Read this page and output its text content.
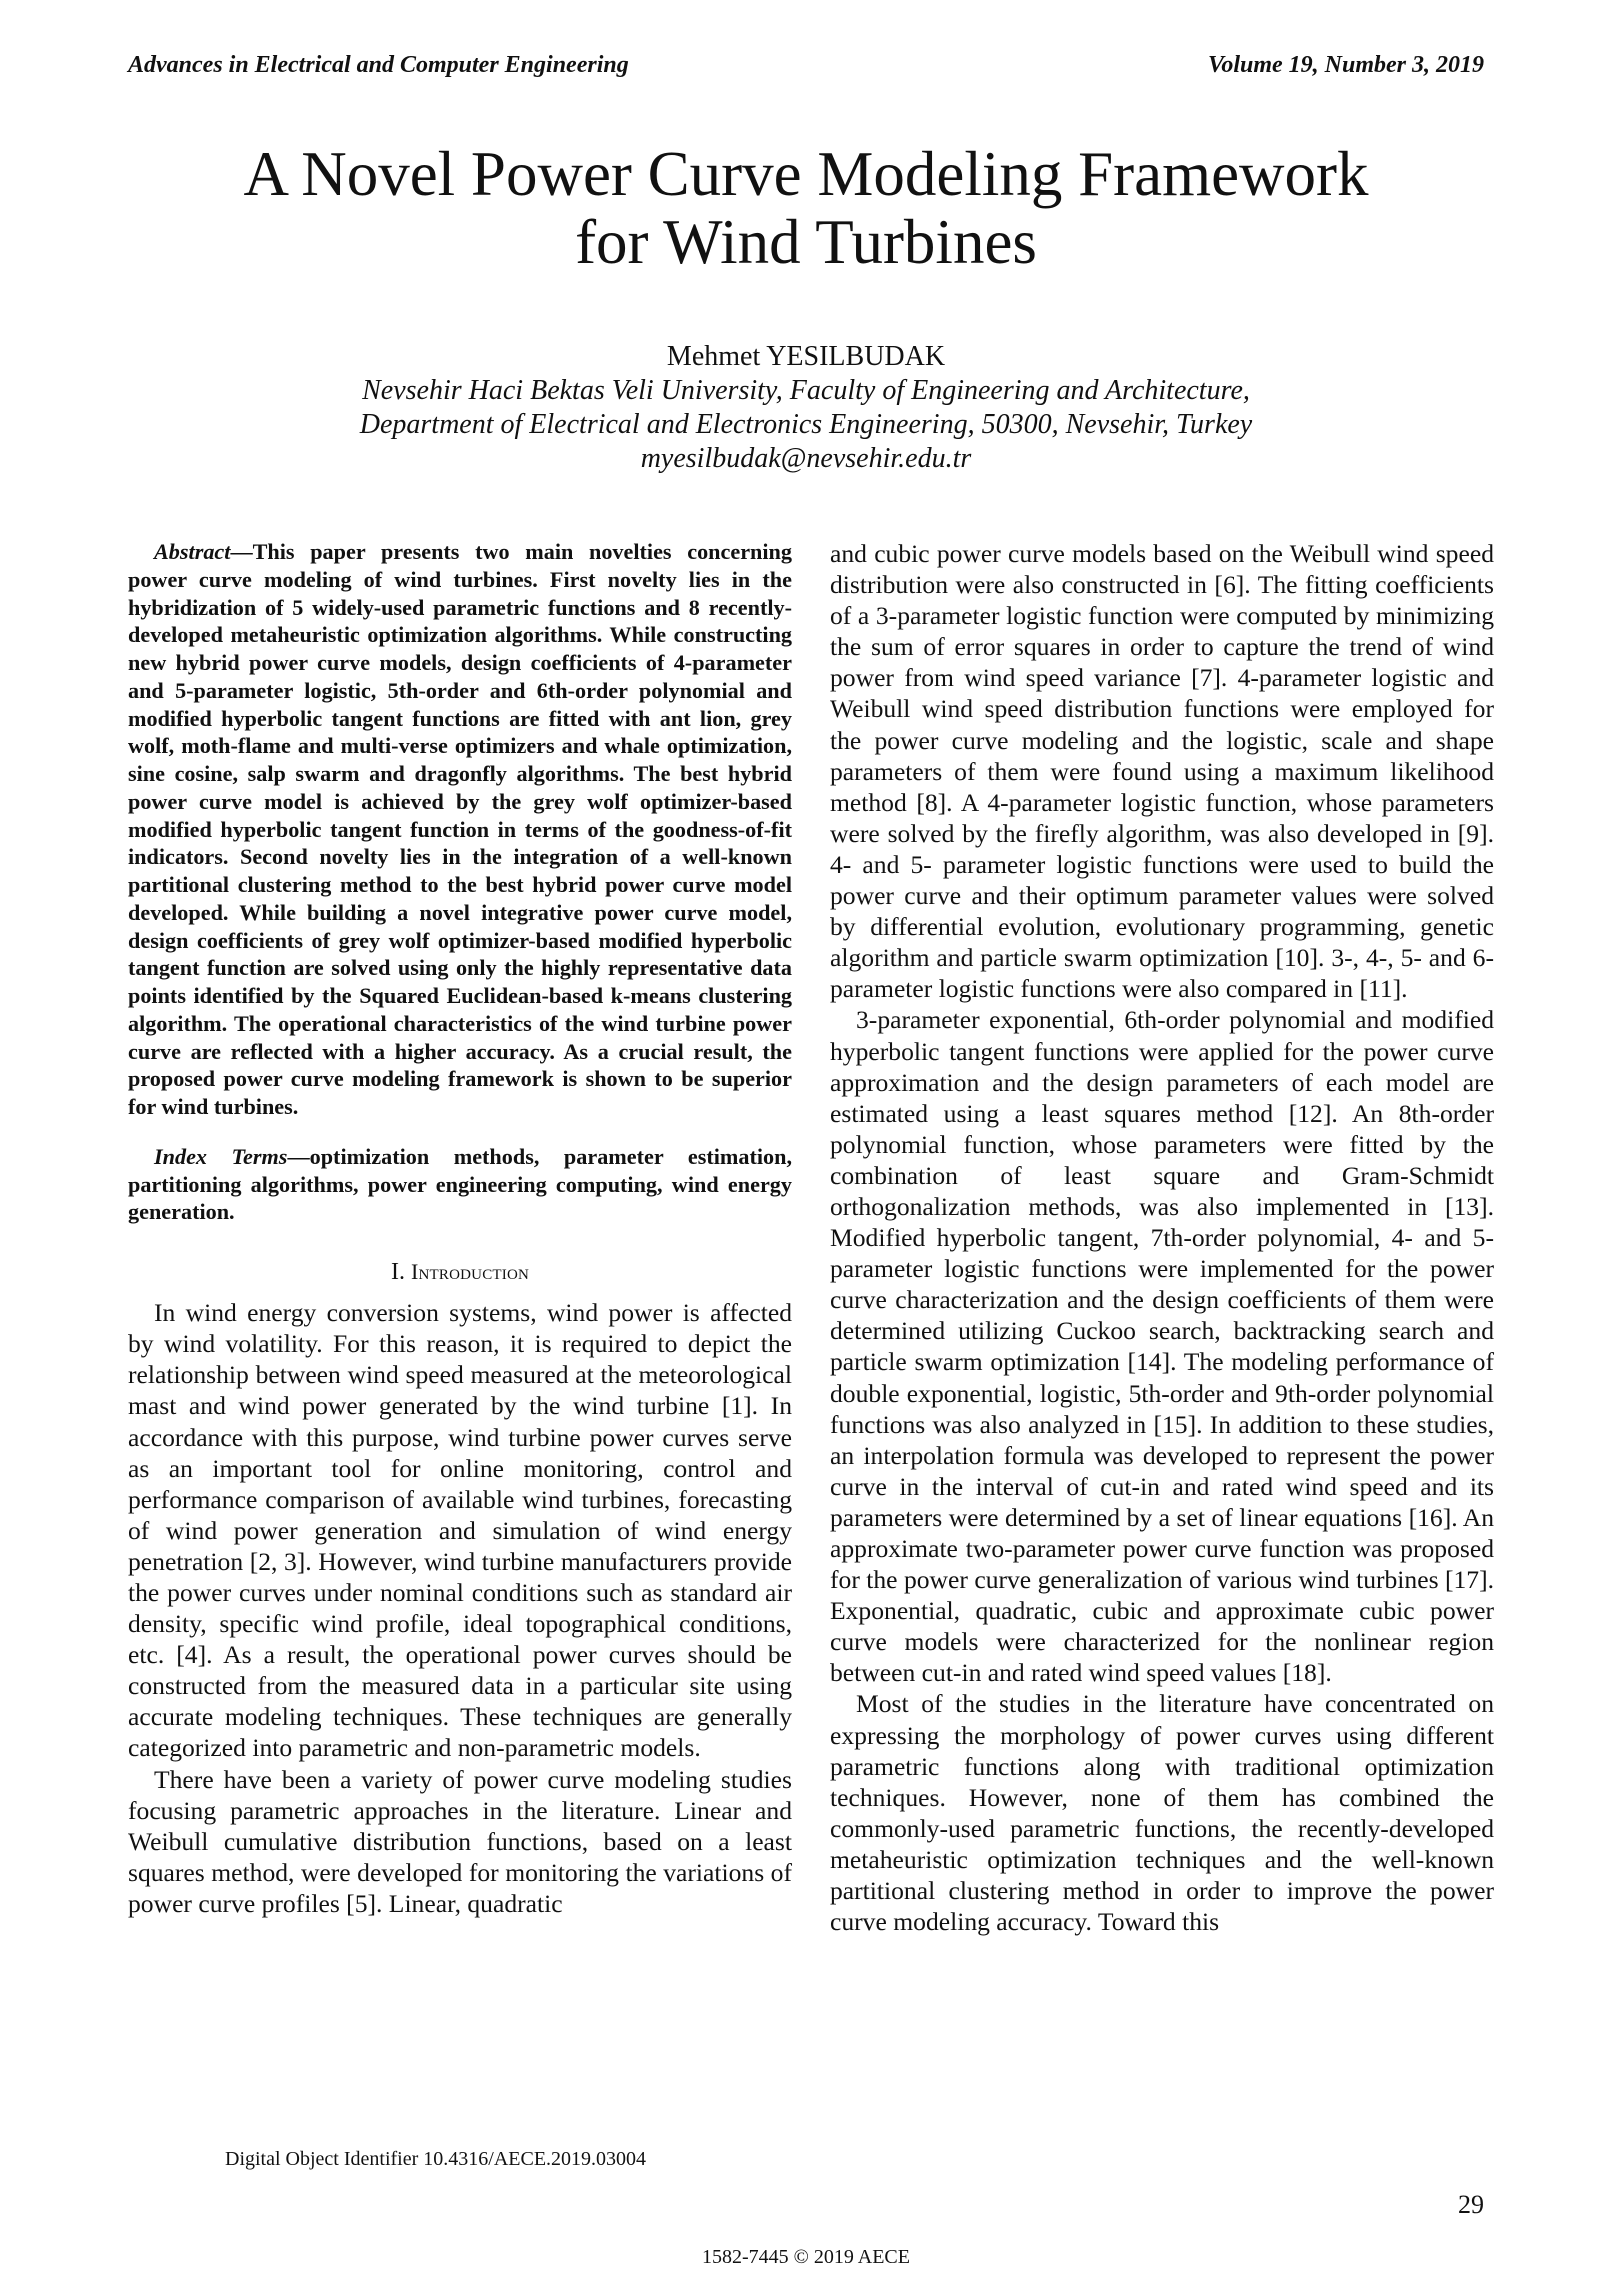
Advances in Electrical and Computer Engineering	Volume 19, Number 3, 2019
A Novel Power Curve Modeling Framework
for Wind Turbines
Mehmet YESILBUDAK
Nevsehir Haci Bektas Veli University, Faculty of Engineering and Architecture,
Department of Electrical and Electronics Engineering, 50300, Nevsehir, Turkey
myesilbudak@nevsehir.edu.tr

Abstract—This paper presents two main novelties concerning power curve modeling of wind turbines. First novelty lies in the hybridization of 5 widely-used parametric functions and 8 recently-developed metaheuristic optimization algorithms. While constructing new hybrid power curve models, design coefficients of 4-parameter and 5-parameter logistic, 5th-order and 6th-order polynomial and modified hyperbolic tangent functions are fitted with ant lion, grey wolf, moth-flame and multi-verse optimizers and whale optimization, sine cosine, salp swarm and dragonfly algorithms. The best hybrid power curve model is achieved by the grey wolf optimizer-based modified hyperbolic tangent function in terms of the goodness-of-fit indicators. Second novelty lies in the integration of a well-known partitional clustering method to the best hybrid power curve model developed. While building a novel integrative power curve model, design coefficients of grey wolf optimizer-based modified hyperbolic tangent function are solved using only the highly representative data points identified by the Squared Euclidean-based k-means clustering algorithm. The operational characteristics of the wind turbine power curve are reflected with a higher accuracy. As a crucial result, the proposed power curve modeling framework is shown to be superior for wind turbines.

Index Terms—optimization methods, parameter estimation, partitioning algorithms, power engineering computing, wind energy generation.

I. Introduction

In wind energy conversion systems, wind power is affected by wind volatility. For this reason, it is required to depict the relationship between wind speed measured at the meteorological mast and wind power generated by the wind turbine [1]. In accordance with this purpose, wind turbine power curves serve as an important tool for online monitoring, control and performance comparison of available wind turbines, forecasting of wind power generation and simulation of wind energy penetration [2, 3]. However, wind turbine manufacturers provide the power curves under nominal conditions such as standard air density, specific wind profile, ideal topographical conditions, etc. [4]. As a result, the operational power curves should be constructed from the measured data in a particular site using accurate modeling techniques. These techniques are generally categorized into parametric and non-parametric models.

There have been a variety of power curve modeling studies focusing parametric approaches in the literature. Linear and Weibull cumulative distribution functions, based on a least squares method, were developed for monitoring the variations of power curve profiles [5]. Linear, quadratic

and cubic power curve models based on the Weibull wind speed distribution were also constructed in [6]. The fitting coefficients of a 3-parameter logistic function were computed by minimizing the sum of error squares in order to capture the trend of wind power from wind speed variance [7]. 4-parameter logistic and Weibull wind speed distribution functions were employed for the power curve modeling and the logistic, scale and shape parameters of them were found using a maximum likelihood method [8]. A 4-parameter logistic function, whose parameters were solved by the firefly algorithm, was also developed in [9]. 4- and 5- parameter logistic functions were used to build the power curve and their optimum parameter values were solved by differential evolution, evolutionary programming, genetic algorithm and particle swarm optimization [10]. 3-, 4-, 5- and 6-parameter logistic functions were also compared in [11].

3-parameter exponential, 6th-order polynomial and modified hyperbolic tangent functions were applied for the power curve approximation and the design parameters of each model are estimated using a least squares method [12]. An 8th-order polynomial function, whose parameters were fitted by the combination of least square and Gram-Schmidt orthogonalization methods, was also implemented in [13]. Modified hyperbolic tangent, 7th-order polynomial, 4- and 5- parameter logistic functions were implemented for the power curve characterization and the design coefficients of them were determined utilizing Cuckoo search, backtracking search and particle swarm optimization [14]. The modeling performance of double exponential, logistic, 5th-order and 9th-order polynomial functions was also analyzed in [15]. In addition to these studies, an interpolation formula was developed to represent the power curve in the interval of cut-in and rated wind speed and its parameters were determined by a set of linear equations [16]. An approximate two-parameter power curve function was proposed for the power curve generalization of various wind turbines [17]. Exponential, quadratic, cubic and approximate cubic power curve models were characterized for the nonlinear region between cut-in and rated wind speed values [18].

Most of the studies in the literature have concentrated on expressing the morphology of power curves using different parametric functions along with traditional optimization techniques. However, none of them has combined the commonly-used parametric functions, the recently-developed metaheuristic optimization techniques and the well-known partitional clustering method in order to improve the power curve modeling accuracy. Toward this

Digital Object Identifier 10.4316/AECE.2019.03004
29
1582-7445 © 2019 AECE
